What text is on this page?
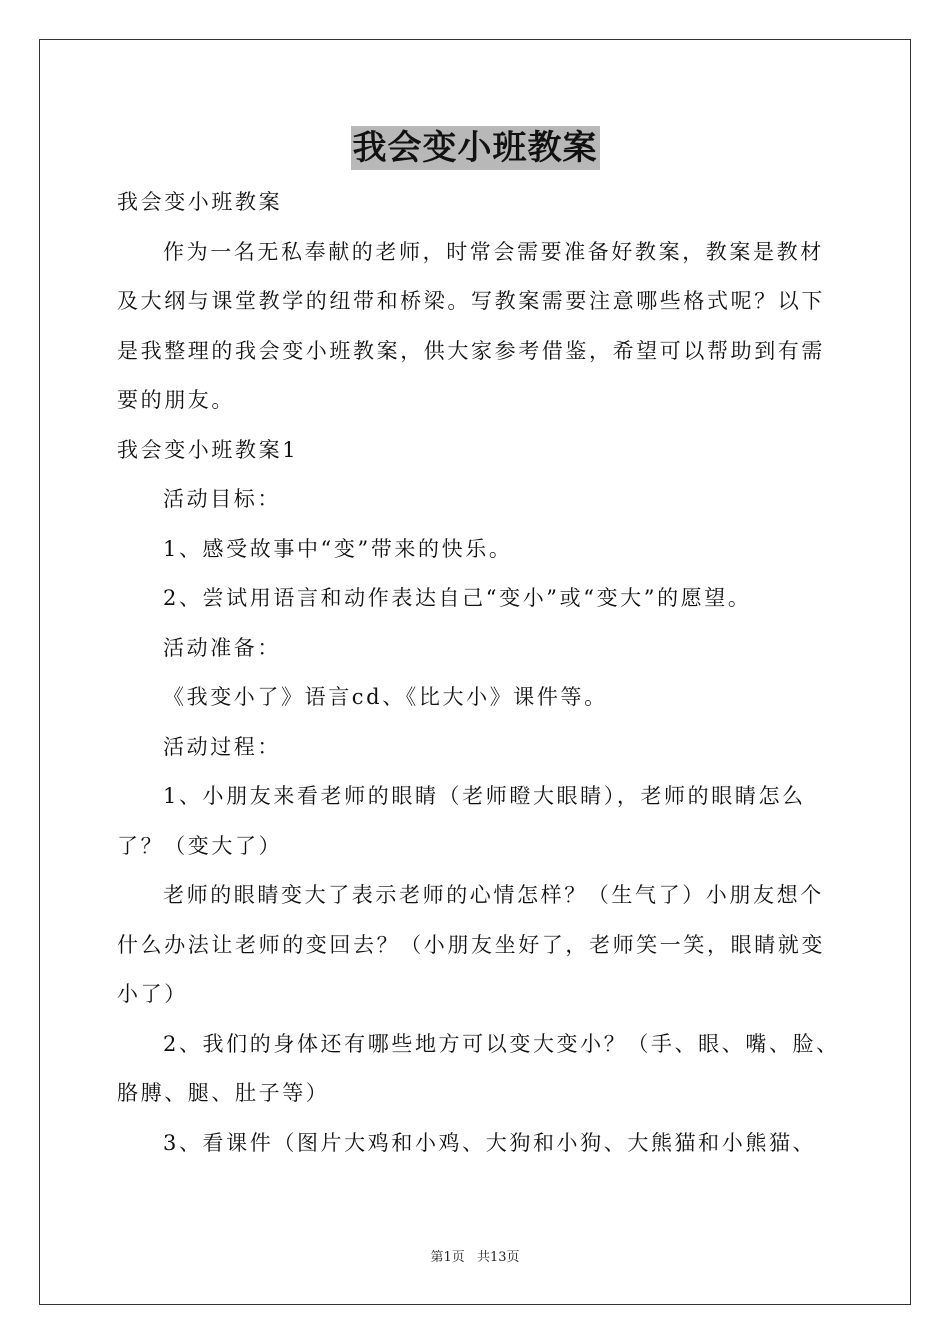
我会变小班教案

我会变小班教案

作为一名无私奉献的老师，时常会需要准备好教案，教案是教材

及大纲与课堂教学的纽带和桥梁。写教案需要注意哪些格式呢？以下

是我整理的我会变小班教案，供大家参考借鉴，希望可以帮助到有需

要的朋友。

我会变小班教案1

活动目标：

1、感受故事中“变”带来的快乐。

2、尝试用语言和动作表达自己“变小”或“变大”的愿望。

活动准备：

《我变小了》语言cd、《比大小》课件等。

活动过程：

1、小朋友来看老师的眼睛（老师瞪大眼睛），老师的眼睛怎么

了？（变大了）

老师的眼睛变大了表示老师的心情怎样？（生气了）小朋友想个

什么办法让老师的变回去？（小朋友坐好了，老师笑一笑，眼睛就变

小了）

2、我们的身体还有哪些地方可以变大变小？（手、眼、嘴、脸、

胳膊、腿、肚子等）

3、看课件（图片大鸡和小鸡、大狗和小狗、大熊猫和小熊猫、

第1页 共13页
